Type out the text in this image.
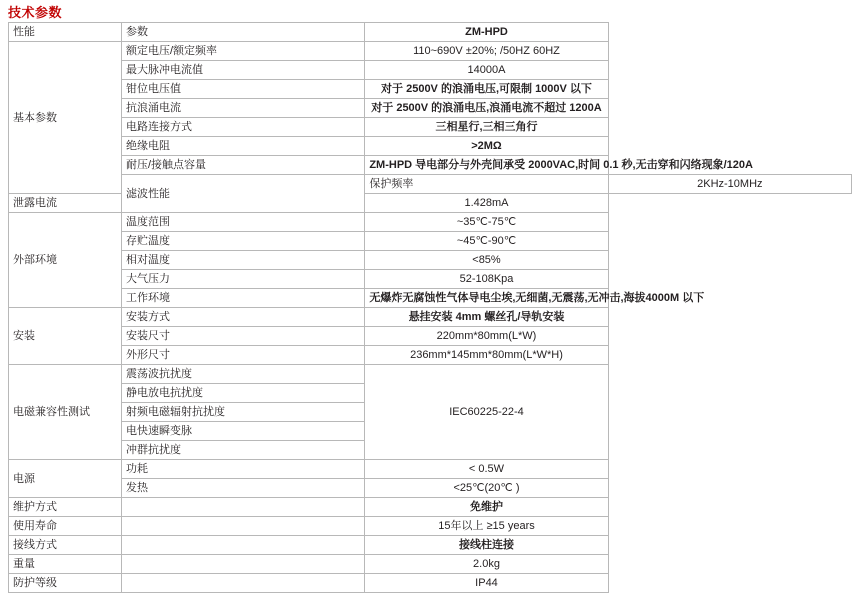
技术参数
性能	参数	ZM-HPD	
基本参数	额定电压/额定频率	110~690V ±20%; /50HZ 60HZ	
	最大脉冲电流值	14000A	
	钳位电压值	对于 2500V 的浪涌电压,可限制 1000V 以下	
	抗浪涌电流	对于 2500V 的浪涌电压,浪涌电流不超过 1200A	
	电路连接方式	三相星行,三相三角行	
	绝缘电阻	>2MΩ	
	耐压/接触点容量	ZM-HPD 导电部分与外壳间承受 2000VAC,时间 0.1 秒,无击穿和闪络现象/120A	
	滤波性能	保护频率	2KHz-10MHz
泄露电流		1.428mA	
外部环境	温度范围	~35℃-75℃	
	存贮温度	~45℃-90℃	
	相对温度	<85%	
	大气压力	52-108Kpa	
	工作环境	无爆炸无腐蚀性气体导电尘埃,无细菌,无震荡,无冲击,海拔4000M 以下	
安装	安装方式	悬挂安装 4mm 螺丝孔/导轨安装	
	安装尺寸	220mm*80mm(L*W)	
	外形尺寸	236mm*145mm*80mm(L*W*H)	
电磁兼容性测试	震荡波抗扰度	IEC60225-22-4	
	静电放电抗扰度		
	射频电磁辐射抗扰度		
	电快速瞬变脉		
	冲群抗扰度		
电源	功耗	< 0.5W	
	发热	<25℃(20℃ )	
维护方式		免维护	
使用寿命		15年以上 ≥15 years	
接线方式		接线柱连接	
重量		2.0kg	
防护等级		IP44	
